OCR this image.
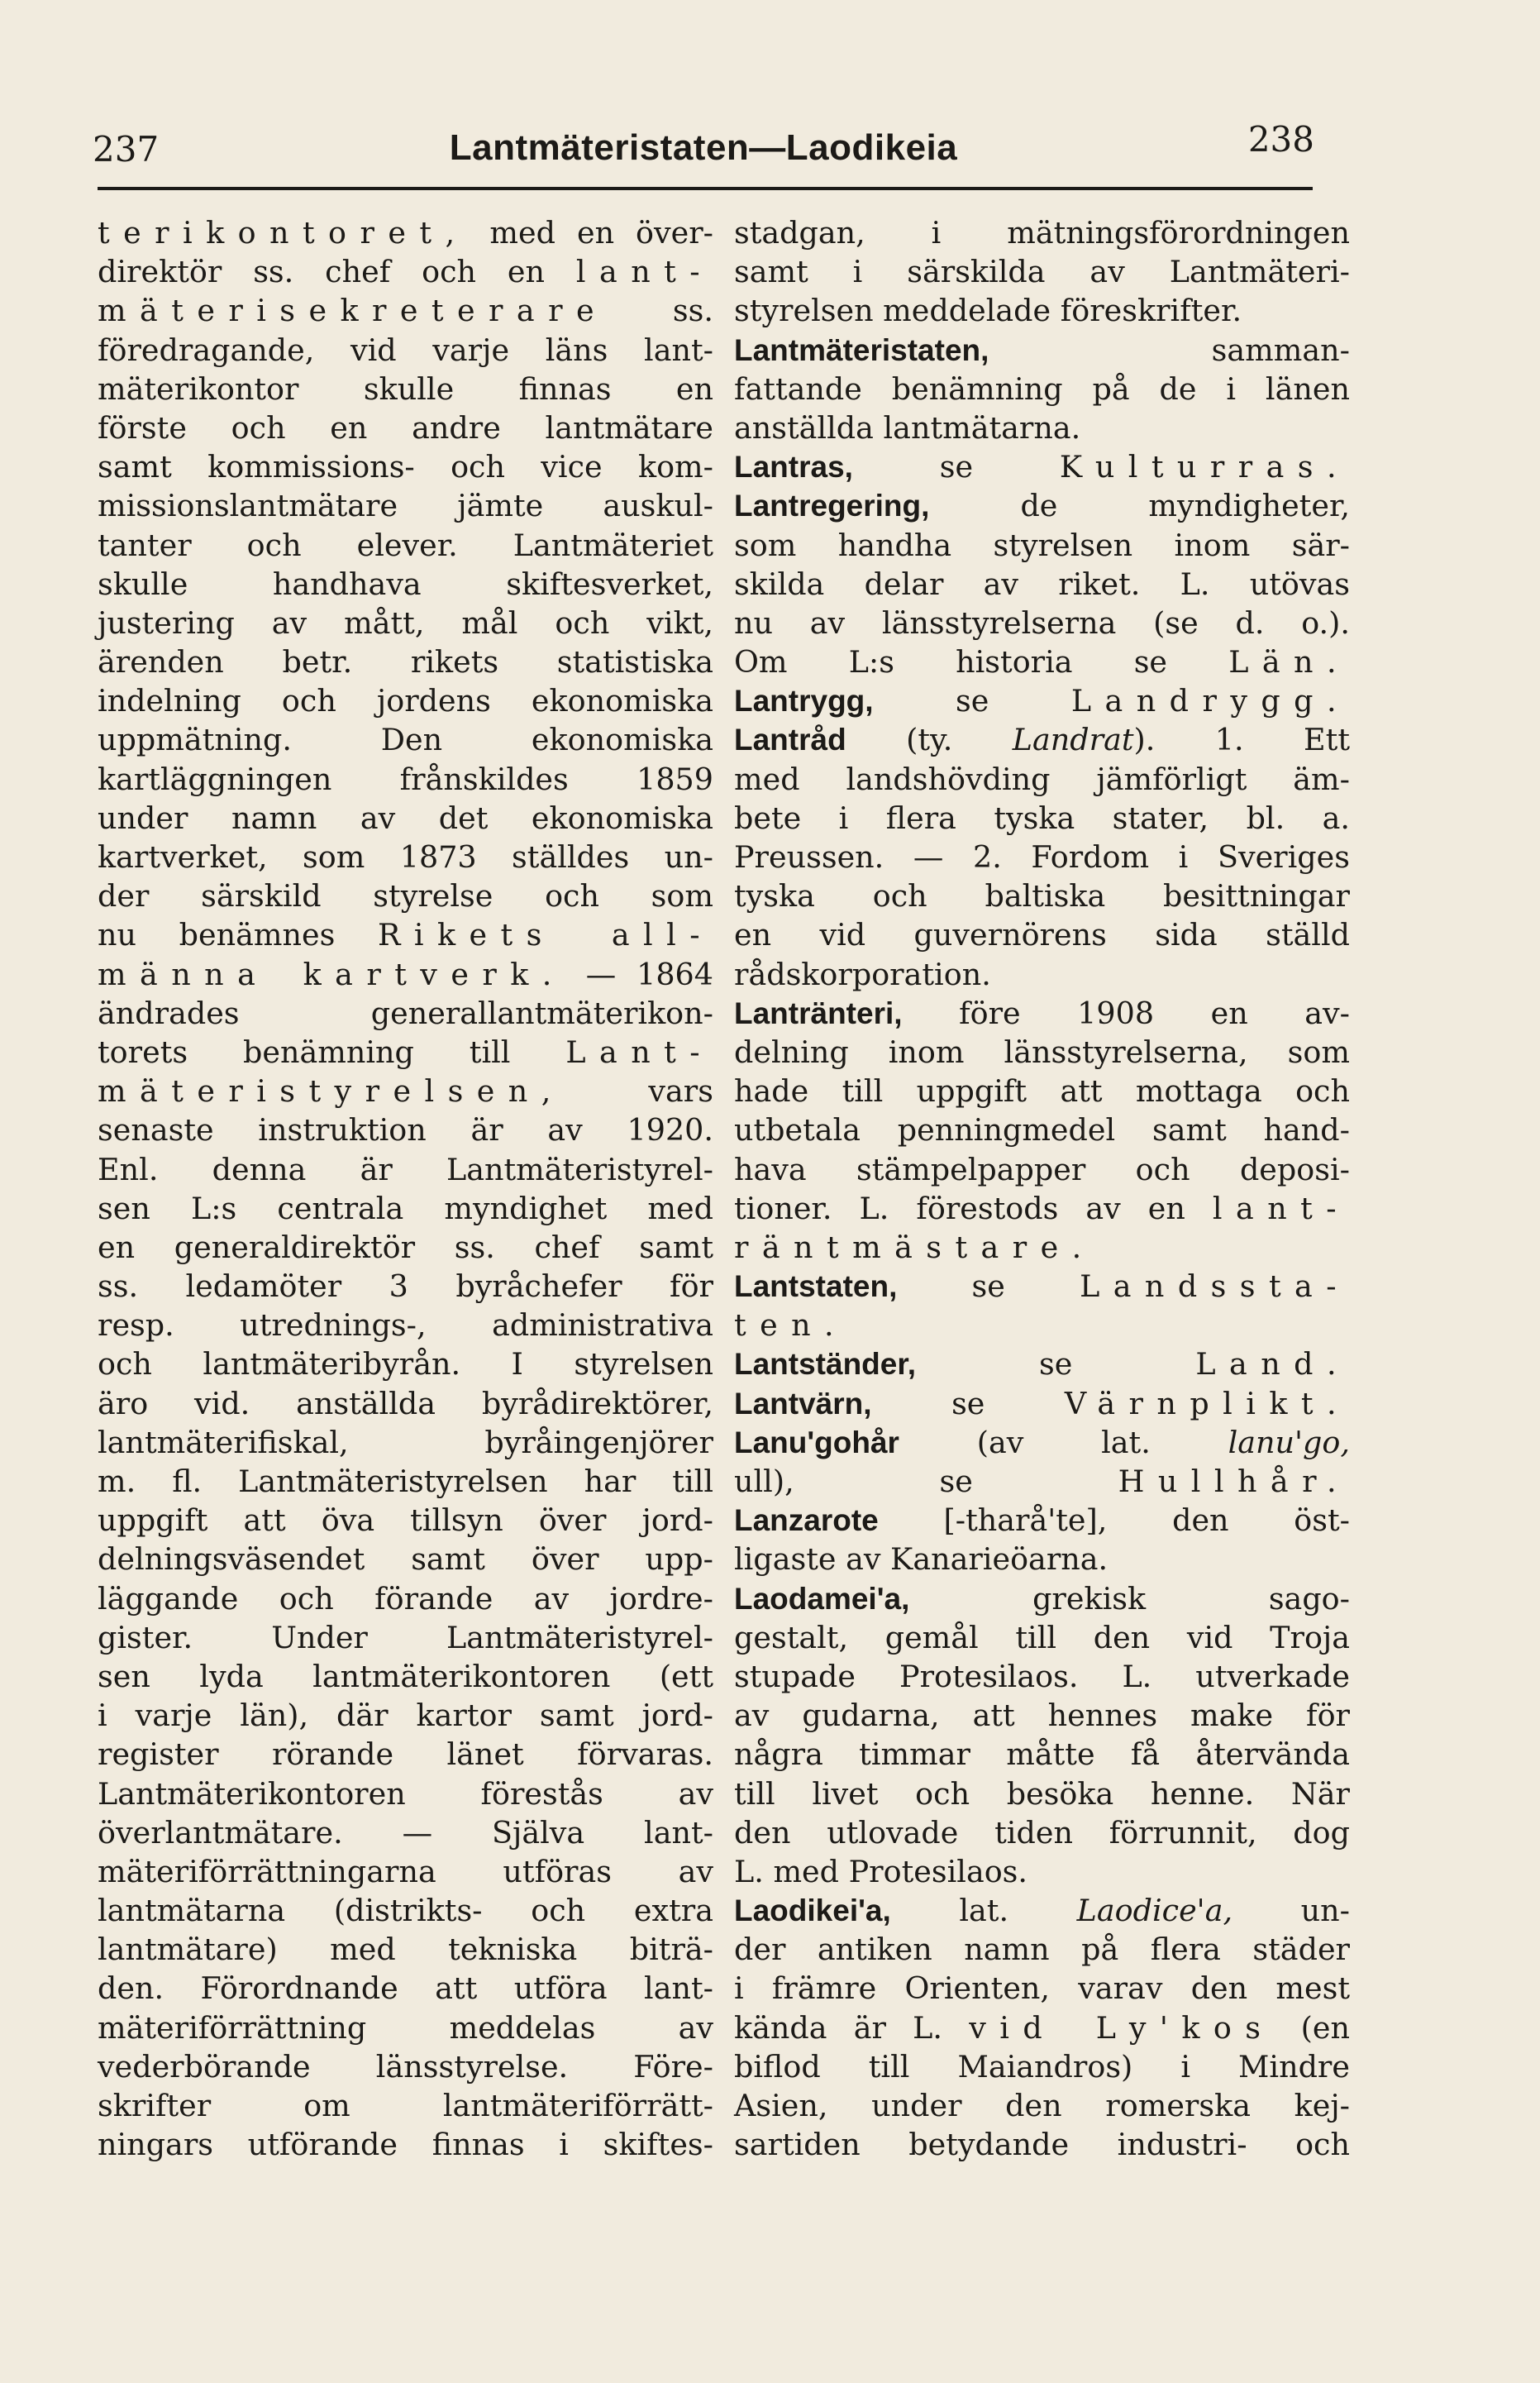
237	Lantmäteristaten—Laodikeia	238
terikontoret, med en över-
direktör ss. chef och en lant-
mäterisekreterare ss.
föredragande, vid varje läns lant-
mäterikontor skulle finnas en
förste och en andre lantmätare
samt kommissions- och vice kom-
missionslantmätare jämte auskul-
tanter och elever. Lantmäteriet
skulle handhava skiftesverket,
justering av mått, mål och vikt,
ärenden betr. rikets statistiska
indelning och jordens ekonomiska
uppmätning. Den ekonomiska
kartläggningen frånskildes 1859
under namn av det ekonomiska
kartverket, som 1873 ställdes un-
der särskild styrelse och som
nu benämnes Rikets all-
männa kartverk. — 1864
ändrades generallantmäterikon-
torets benämning till Lant-
mäteristyrelsen, vars
senaste instruktion är av 1920.
Enl. denna är Lantmäteristyrel-
sen L:s centrala myndighet med
en generaldirektör ss. chef samt
ss. ledamöter 3 byråchefer för
resp. utrednings-, administrativa
och lantmäteribyrån. I styrelsen
äro vid. anställda byrådirektörer,
lantmäterifiskal, byråingenjörer
m. fl. Lantmäteristyrelsen har till
uppgift att öva tillsyn över jord-
delningsväsendet samt över upp-
läggande och förande av jordre-
gister. Under Lantmäteristyrel-
sen lyda lantmäterikontoren (ett
i varje län), där kartor samt jord-
register rörande länet förvaras.
Lantmäterikontoren förestås av
överlantmätare. — Själva lant-
mäteriförrättningarna utföras av
lantmätarna (distrikts- och extra
lantmätare) med tekniska biträ-
den. Förordnande att utföra lant-
mäteriförrättning meddelas av
vederbörande länsstyrelse. Före-
skrifter om lantmäteriförrätt-
ningars utförande finnas i skiftes-
stadgan, i mätningsförordningen
samt i särskilda av Lantmäteri-
styrelsen meddelade föreskrifter.
Lantmäteristaten, samman-
fattande benämning på de i länen
anställda lantmätarna.
Lantras, se Kulturras.
Lantregering, de myndigheter,
som handha styrelsen inom sär-
skilda delar av riket. L. utövas
nu av länsstyrelserna (se d. o.).
Om L:s historia se Län.
Lantrygg, se Landrygg.
Lantråd (ty. Landrat). 1. Ett
med landshövding jämförligt äm-
bete i flera tyska stater, bl. a.
Preussen. — 2. Fordom i Sveriges
tyska och baltiska besittningar
en vid guvernörens sida ställd
rådskorporation.
Lantränteri, före 1908 en av-
delning inom länsstyrelserna, som
hade till uppgift att mottaga och
utbetala penningmedel samt hand-
hava stämpelpapper och deposi-
tioner. L. förestods av en lant-
räntmästare.
Lantstaten, se Landssta-
ten.
Lantständer, se Land.
Lantvärn, se Värnplikt.
Lanu'gohår (av lat. lanu'go,
ull), se Hullhår.
Lanzarote [-tharå'te], den öst-
ligaste av Kanarieöarna.
Laodamei'a, grekisk sago-
gestalt, gemål till den vid Troja
stupade Protesilaos. L. utverkade
av gudarna, att hennes make för
några timmar måtte få återvända
till livet och besöka henne. När
den utlovade tiden förrunnit, dog
L. med Protesilaos.
Laodikei'a, lat. Laodice'a, un-
der antiken namn på flera städer
i främre Orienten, varav den mest
kända är L. vid Ly'kos (en
biflod till Maiandros) i Mindre
Asien, under den romerska kej-
sartiden betydande industri- och
